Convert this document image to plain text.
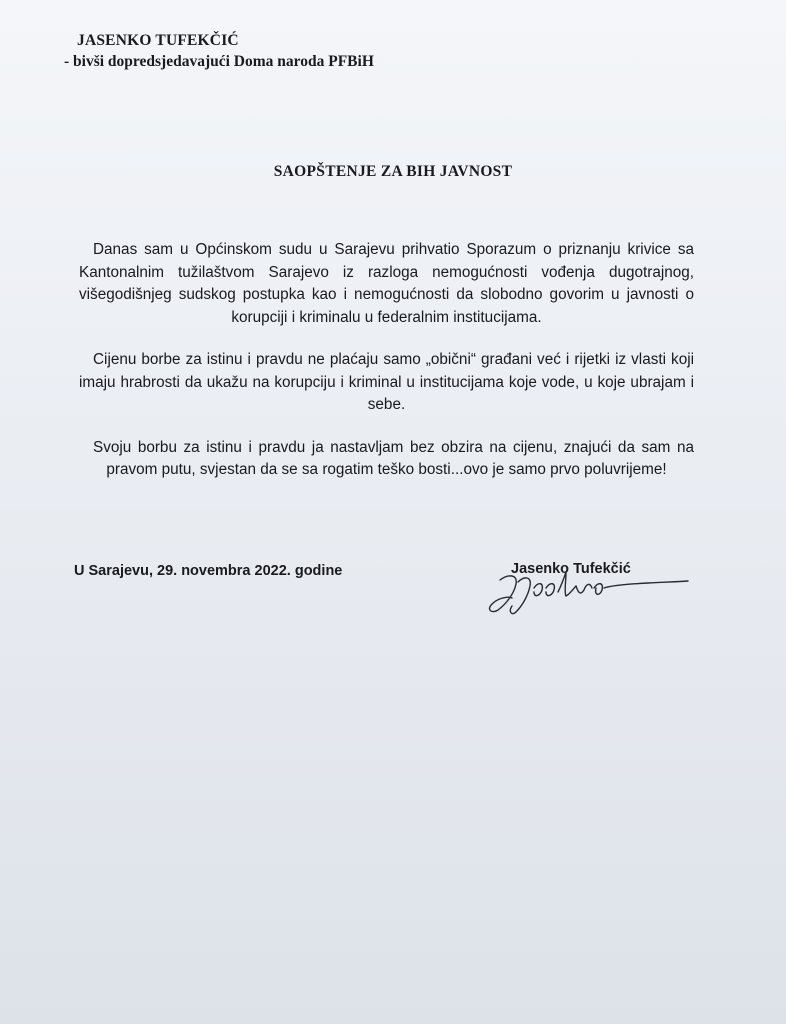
JASENKO TUFEKČIĆ
- bivši dopredsjedavajući Doma naroda PFBiH
SAOPŠTENJE ZA BIH JAVNOST

Danas sam u Općinskom sudu u Sarajevu prihvatio Sporazum o priznanju krivice sa Kantonalnim tužilaštvom Sarajevo iz razloga nemogućnosti vođenja dugotrajnog, višegodišnjeg sudskog postupka kao i nemogućnosti da slobodno govorim u javnosti o korupciji i kriminalu u federalnim institucijama.

Cijenu borbe za istinu i pravdu ne plaćaju samo „obični“ građani već i rijetki iz vlasti koji imaju hrabrosti da ukažu na korupciju i kriminal u institucijama koje vode, u koje ubrajam i sebe.

Svoju borbu za istinu i pravdu ja nastavljam bez obzira na cijenu, znajući da sam na pravom putu, svjestan da se sa rogatim teško bosti...ovo je samo prvo poluvrijeme!

U Sarajevu, 29. novembra 2022. godine	Jasenko Tufekčić
